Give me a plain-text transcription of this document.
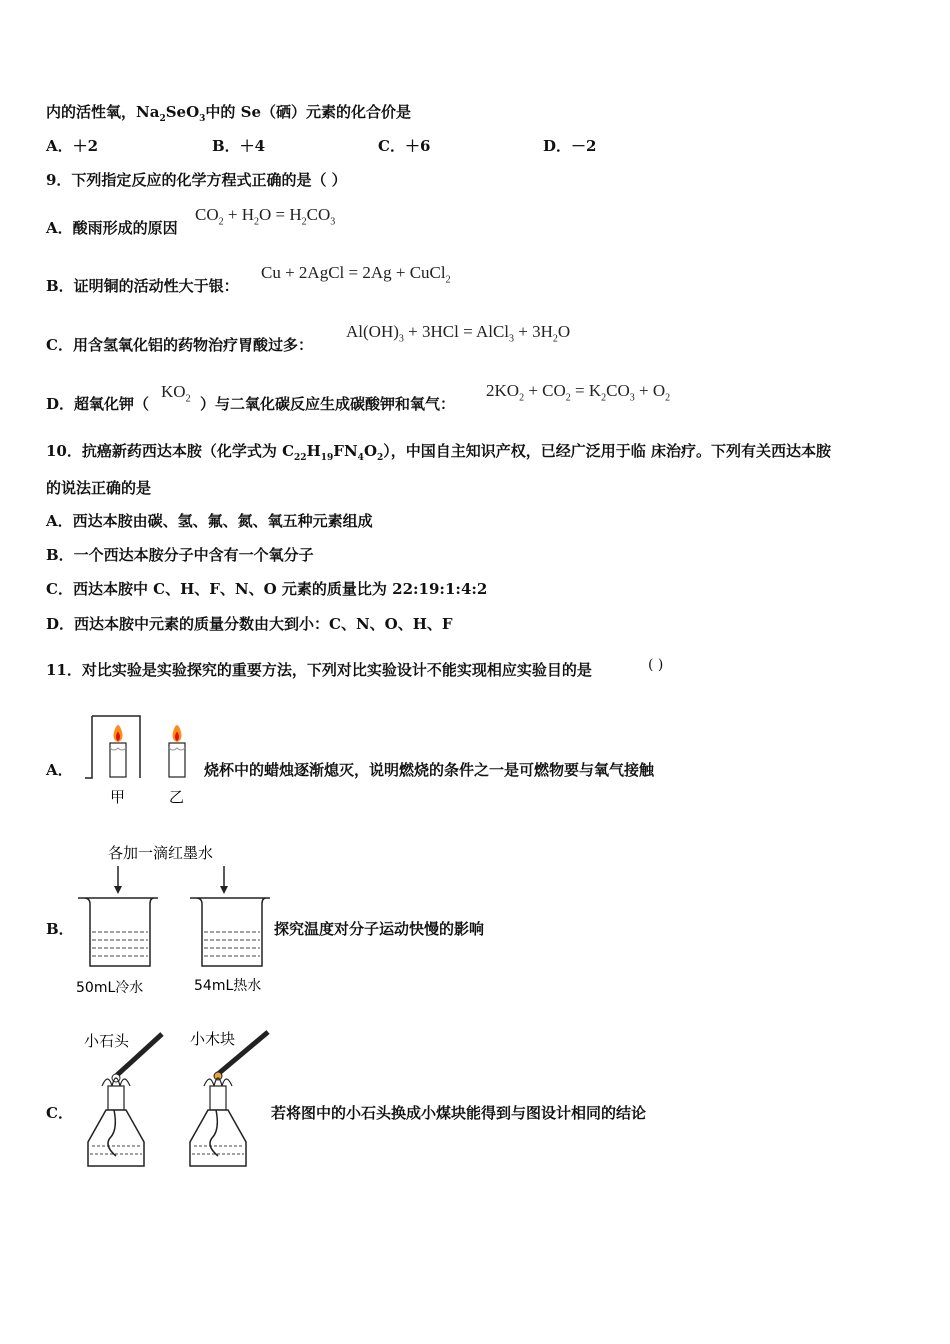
内的活性氧，$Na_2SeO_3$中的 Se（硒）元素的化合价是
A．＋2	B．＋4	C．＋6	D．－2
9．下列指定反应的化学方程式正确的是（ ）
A．酸雨形成的原因
$CO_2 + H_2O = H_2CO_3$
B．证明铜的活动性大于银：
Cu + 2AgCl = 2Ag + CuCl$_2$
C．用含氢氧化铝的药物治疗胃酸过多：
$Al(OH)_3 + 3HCl$ = AlCl$_3$ + $3H_2O$
D．超氧化钾（
$KO_2$ ）与二氧化碳反应生成碳酸钾和氧气：
$2KO_2 + CO_2 = K_2CO_3 + O_2$
10．抗癌新药西达本胺（化学式为 $C_{22}H_{19}FN_4O_2$），中国自主知识产权，已经广泛用于临 床治疗。下列有关西达本胺
的说法正确的是
A．西达本胺由碳、氢、氟、氮、氧五种元素组成
B．一个西达本胺分子中含有一个氧分子
C．西达本胺中 C、H、F、N、O 元素的质量比为 22:19:1:4:2
D．西达本胺中元素的质量分数由大到小：C、N、O、H、F
11．对比实验是实验探究的重要方法，下列对比实验设计不能实现相应实验目的是	( )
A．
甲	乙
烧杯中的蜡烛逐渐熄灭，说明燃烧的条件之一是可燃物要与氧气接触
B．
各加一滴红墨水
50mL冷水	54mL热水
探究温度对分子运动快慢的影响
C．
小石头	小木块
若将图中的小石头换成小煤块能得到与图设计相同的结论
